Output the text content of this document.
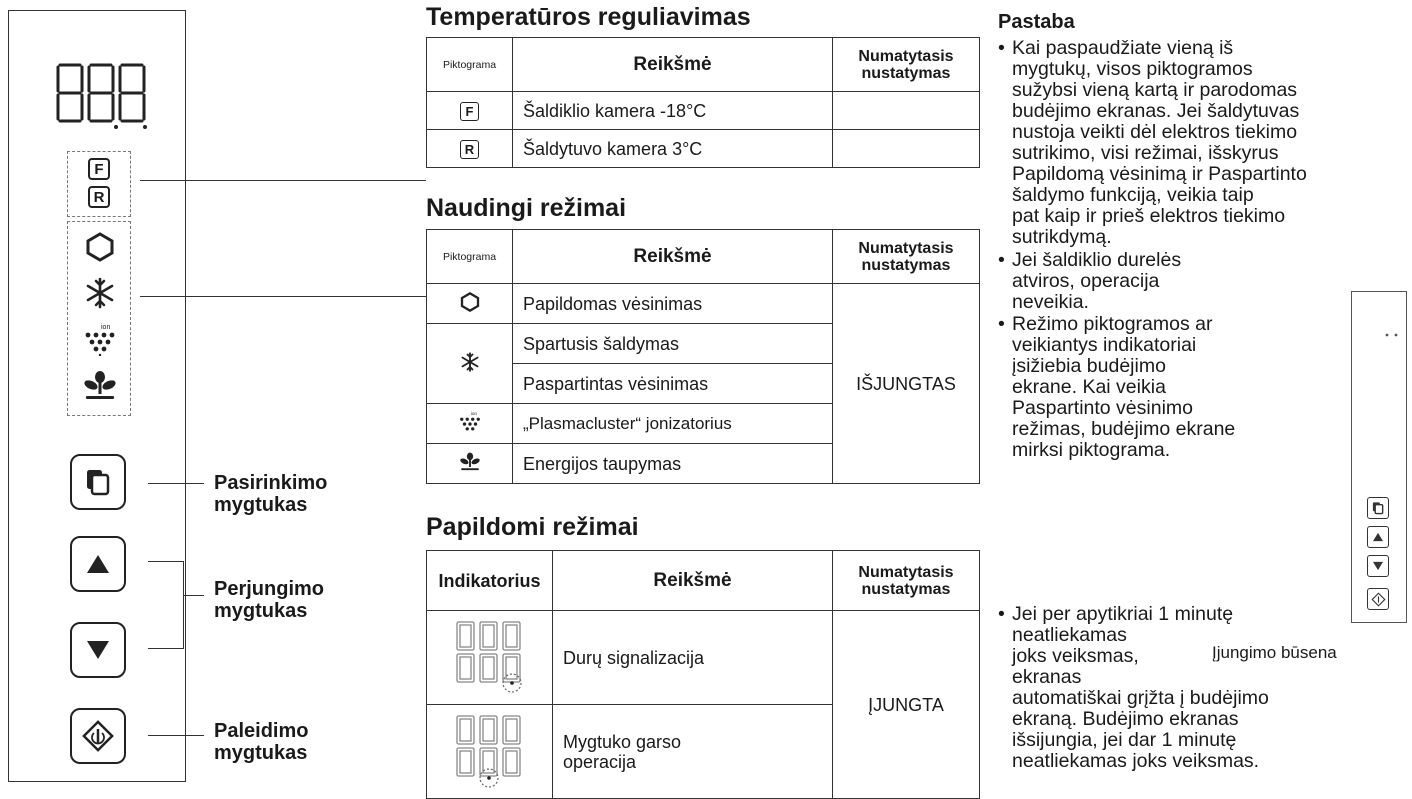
F
R
ion
Pasirinkimo
mygtukas
Perjungimo
mygtukas
Paleidimo
mygtukas
Temperatūros reguliavimas
Piktograma	Reikšmė	Numatytasis
nustatymas
F	Šaldiklio kamera -18°C	
R	Šaldytuvo kamera 3°C	
Naudingi režimai
Piktograma	Reikšmė	Numatytasis
nustatymas
	Papildomas vėsinimas	IŠJUNGTAS
	Spartusis šaldymas	
	Paspartintas vėsinimas	

ion	„Plasmacluster“ jonizatorius	
	Energijos taupymas	
Papildomi režimai
Indikatorius	Reikšmė	Numatytasis
nustatymas
	Durų signalizacija	ĮJUNGTA
	Mygtuko garso
operacija	
Pastaba
• Kai paspaudžiate vieną iš
mygtukų, visos piktogramos
sužybsi vieną kartą ir parodomas
budėjimo ekranas. Jei šaldytuvas
nustoja veikti dėl elektros tiekimo
sutrikimo, visi režimai, išskyrus
Papildomą vėsinimą ir Paspartinto
šaldymo funkciją, veikia taip
pat kaip ir prieš elektros tiekimo
sutrikdymą.
• Jei šaldiklio durelės
atviros, operacija
neveikia.
• Režimo piktogramos ar
veikiantys indikatoriai
įsižiebia budėjimo
ekrane. Kai veikia
Paspartinto vėsinimo
režimas, budėjimo ekrane
mirksi piktograma.
• Jei per apytikriai 1 minutę
neatliekamas
joks veiksmas,
ekranas
automatiškai grįžta į budėjimo
ekraną. Budėjimo ekranas
išsijungia, jei dar 1 minutę
neatliekamas joks veiksmas.
Įjungimo būsena
